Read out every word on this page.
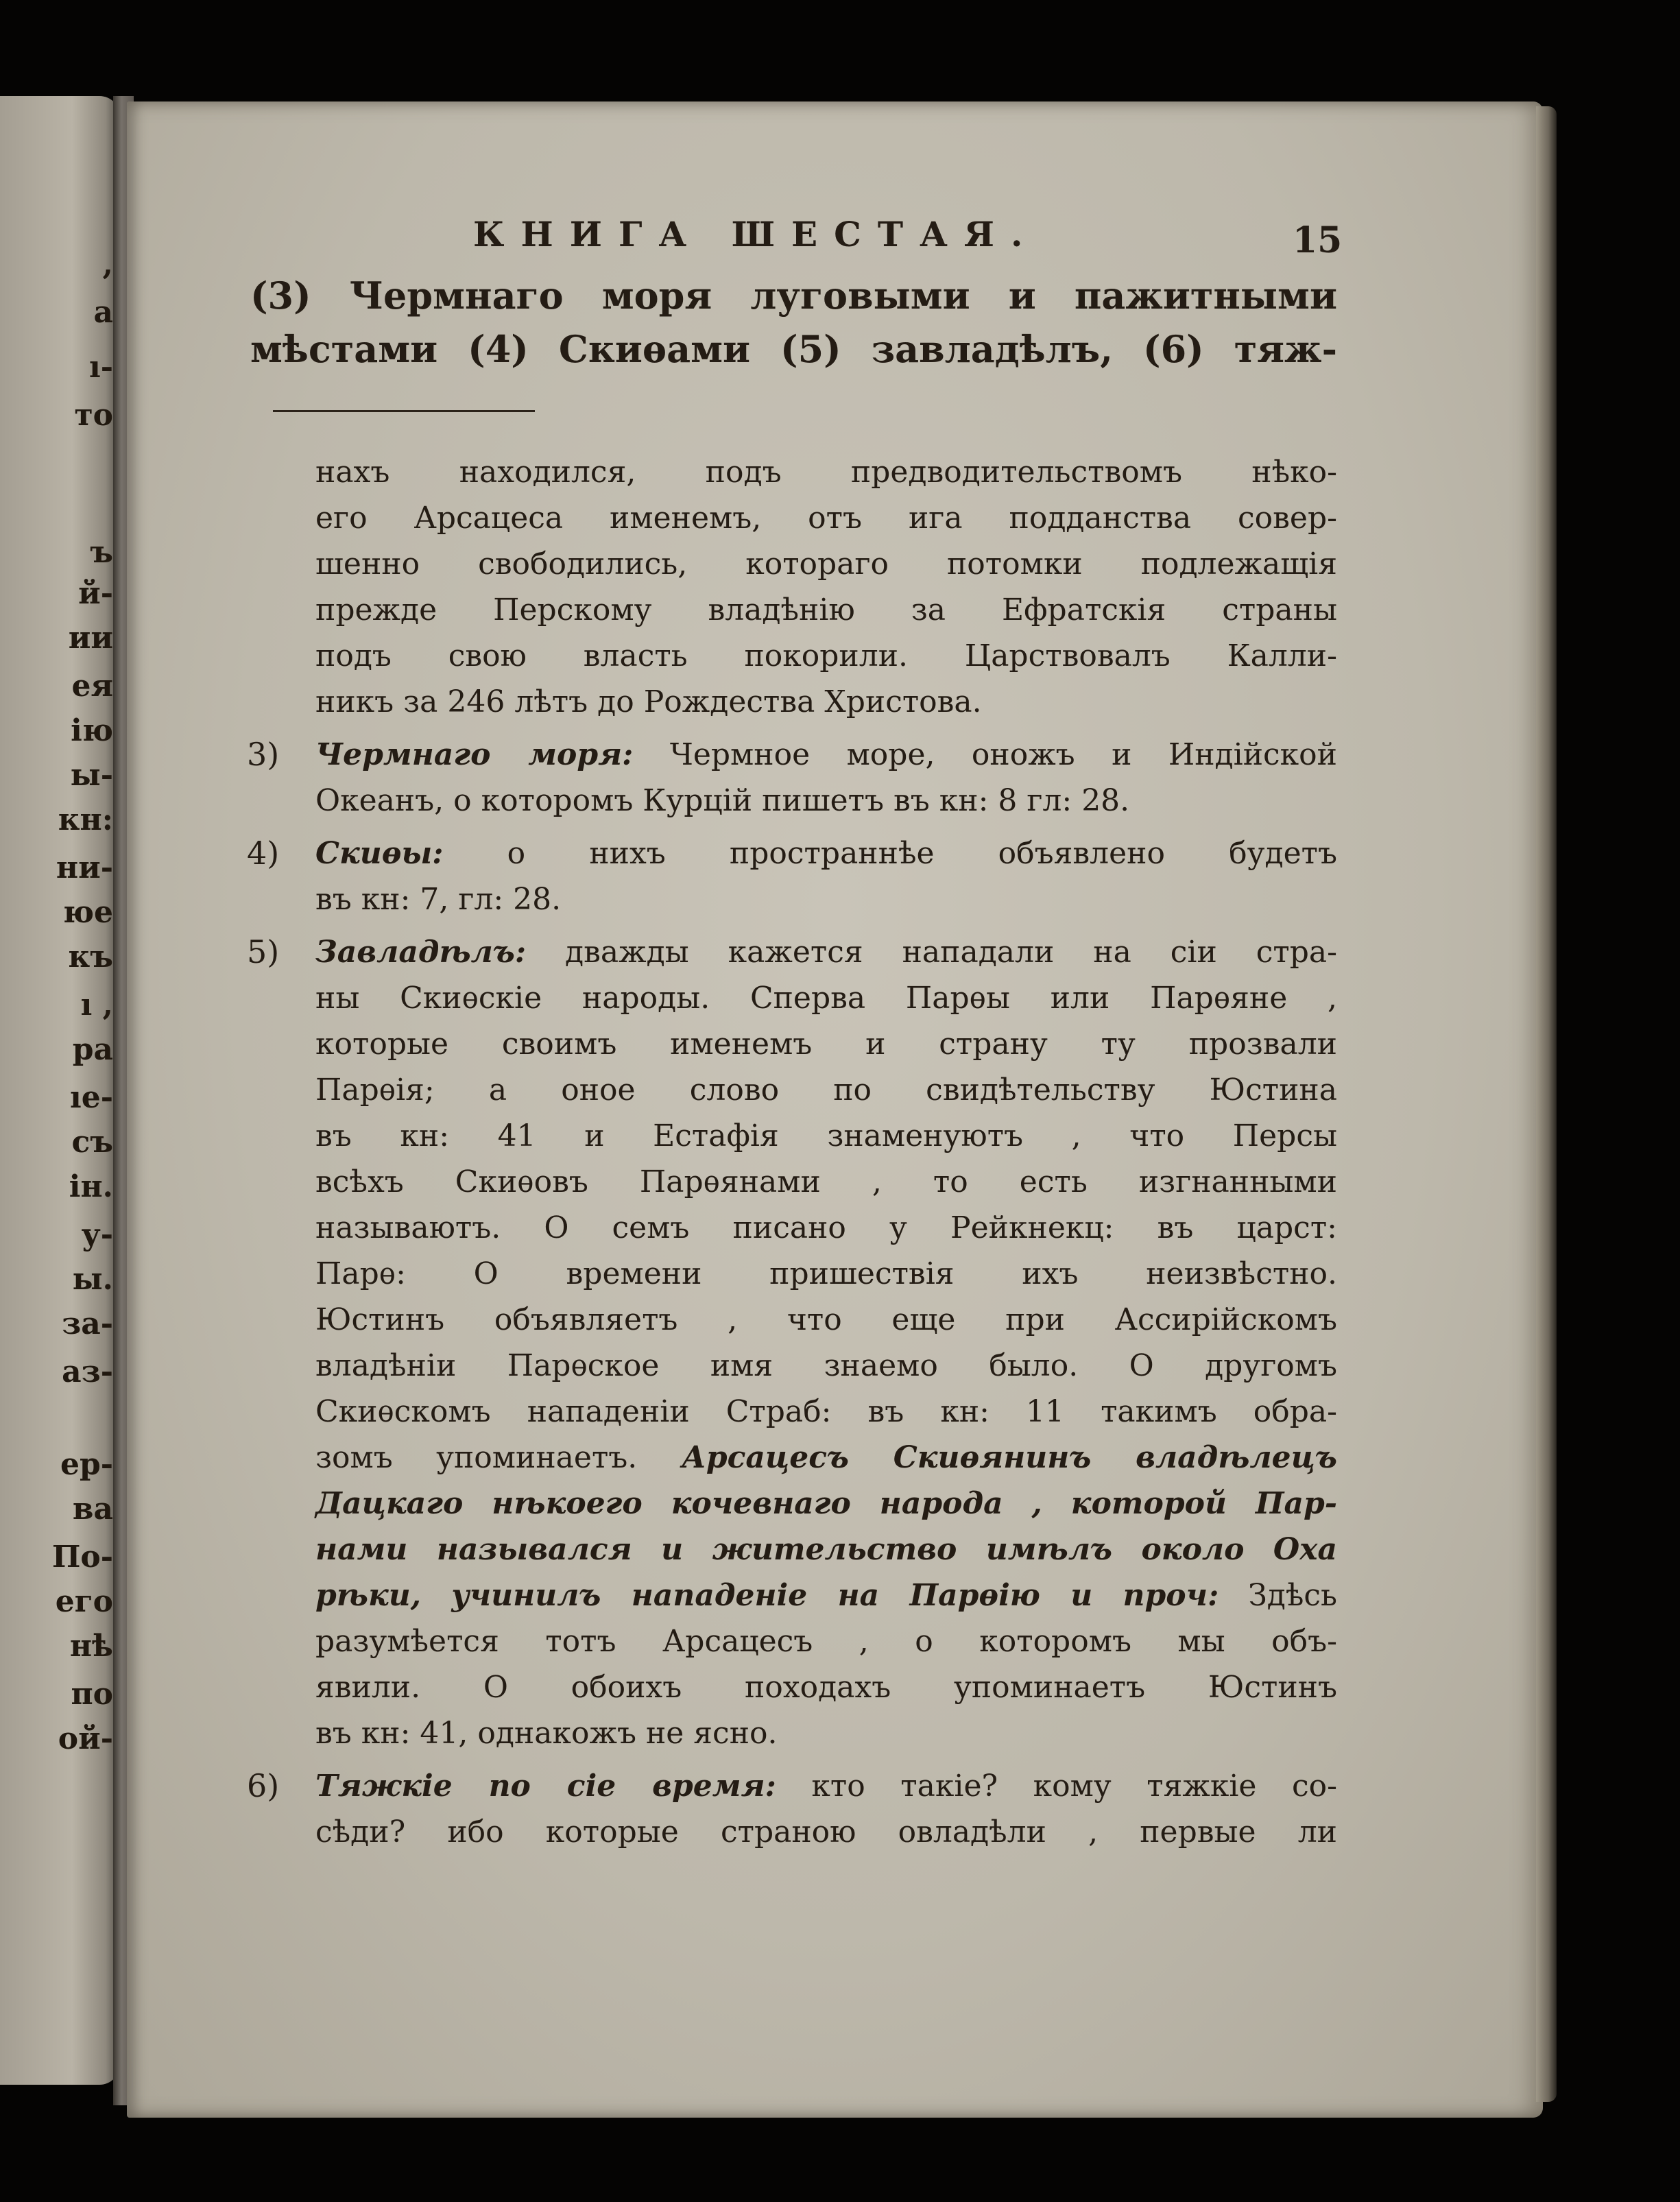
,
а
ı-
то
ъ
й-
ии
ея
ію
ы-
кн:
ни-
юе
къ
ı ,
ра
ıе-
съ
ін.
у-
ы.
за-
аз-
ер-
ва
По-
его
нѣ
по
ой-
КНИГА ШЕСТАЯ.	15
(3) Чермнаго моря луговыми и пажитными
мѣстами (4) Скиѳами (5) завладѣлъ, (6) тяж-
нахъ находился, подъ предводительствомъ нѣко-
его Арсацеса именемъ, отъ ига подданства совер-
шенно свободились, котораго потомки подлежащія
прежде Перскому владѣнію за Ефратскія страны
подъ свою власть покорили. Царствовалъ Калли-
никъ за 246 лѣтъ до Рождества Христова.
3) Чермнаго моря: Чермное море, оножъ и Индійской
Океанъ, о которомъ Курцій пишетъ въ кн: 8 гл: 28.
4) Скиѳы: о нихъ пространнѣе объявлено будетъ
въ кн: 7, гл: 28.
5) Завладѣлъ: дважды кажется нападали на сіи стра-
ны Скиѳскіе народы. Сперва Парѳы или Парѳяне ,
которые своимъ именемъ и страну ту прозвали
Парѳія; а оное слово по свидѣтельству Юстина
въ кн: 41 и Естафія знаменуютъ , что Персы
всѣхъ Скиѳовъ Парѳянами , то есть изгнанными
называютъ. О семъ писано у Рейкнекц: въ царст:
Парѳ: О времени пришествія ихъ неизвѣстно.
Юстинъ объявляетъ , что еще при Ассирійскомъ
владѣніи Парѳское имя знаемо было. О другомъ
Скиѳскомъ нападеніи Страб: въ кн: 11 такимъ обра-
зомъ упоминаетъ. Арсацесъ Скиѳянинъ владѣлецъ
Дацкаго нѣкоего кочевнаго народа , которой Пар-
нами назывался и жительство имѣлъ около Оха
рѣки, учинилъ нападеніе на Парѳію и проч: Здѣсь
разумѣется тотъ Арсацесъ , о которомъ мы объ-
явили. О обоихъ походахъ упоминаетъ Юстинъ
въ кн: 41, однакожъ не ясно.
6) Тяжкіе по сіе время: кто такіе? кому тяжкіе со-
сѣди? ибо которые страною овладѣли , первые ли
